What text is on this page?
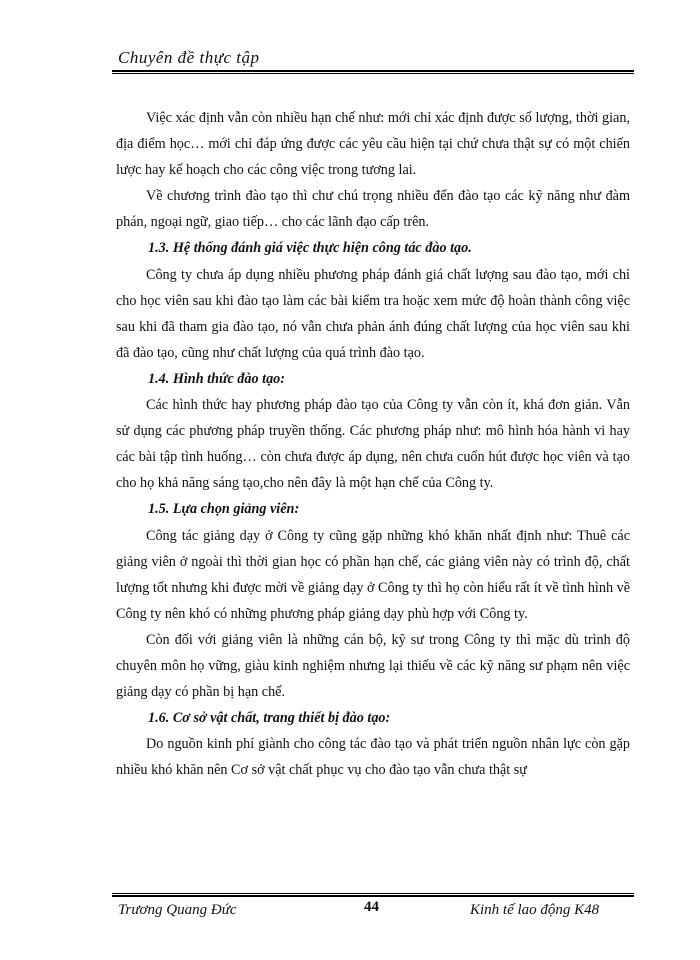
Chuyên đề thực tập

Việc xác định vẫn còn nhiều hạn chế như: mới chỉ xác định được số lượng, thời gian, địa điểm học… mới chỉ đáp ứng được các yêu cầu hiện tại chứ chưa thật sự có một chiến lược hay kế hoạch cho các công việc trong tương lai.

Về chương trình đào tạo thì chư chú trọng nhiều đến đào tạo các kỹ năng như đàm phán, ngoại ngữ, giao tiếp… cho các lãnh đạo cấp trên.

1.3. Hệ thống đánh giá việc thực hiện công tác đào tạo.

Công ty chưa áp dụng nhiều phương pháp đánh giá chất lượng sau đào tạo, mới chỉ cho học viên sau khi đào tạo làm các bài kiểm tra hoặc xem mức độ hoàn thành công việc sau khi đã tham gia đào tạo, nó vẫn chưa phản ánh đúng chất lượng của học viên sau khi đã đào tạo, cũng như chất lượng của quá trình đào tạo.

1.4. Hình thức đào tạo:

Các hình thức hay phương pháp đào tạo của Công ty vẫn còn ít, khá đơn giản. Vẫn sử dụng các phương pháp truyền thống. Các phương pháp như: mô hình hóa hành vi hay các bài tập tình huống… còn chưa được áp dụng, nên chưa cuốn hút được học viên và tạo cho họ khả năng sáng tạo,cho nên đây là một hạn chế của Công ty.

1.5. Lựa chọn giảng viên:

Công tác giảng dạy ở Công ty cũng gặp những khó khăn nhất định như: Thuê các giảng viên ở ngoài thì thời gian học có phần hạn chế, các giảng viên này có trình độ, chất lượng tốt nhưng khi được mời về giảng dạy ở Công ty thì họ còn hiểu rất ít về tình hình về Công ty nên khó có những phương pháp giảng dạy phù hợp với Công ty.

Còn đối với giảng viên là những cán bộ, kỹ sư trong Công ty thì mặc dù trình độ chuyên môn họ vững, giàu kinh nghiệm nhưng lại thiếu về các kỹ năng sư phạm nên việc giảng dạy có phần bị hạn chế.

1.6. Cơ sở vật chất, trang thiết bị đào tạo:

Do nguồn kinh phí giành cho công tác đào tạo và phát triển nguồn nhân lực còn gặp nhiều khó khăn nên Cơ sở vật chất phục vụ cho đào tạo vẫn chưa thật sự

Trương Quang Đức	44	Kinh tế lao động K48
